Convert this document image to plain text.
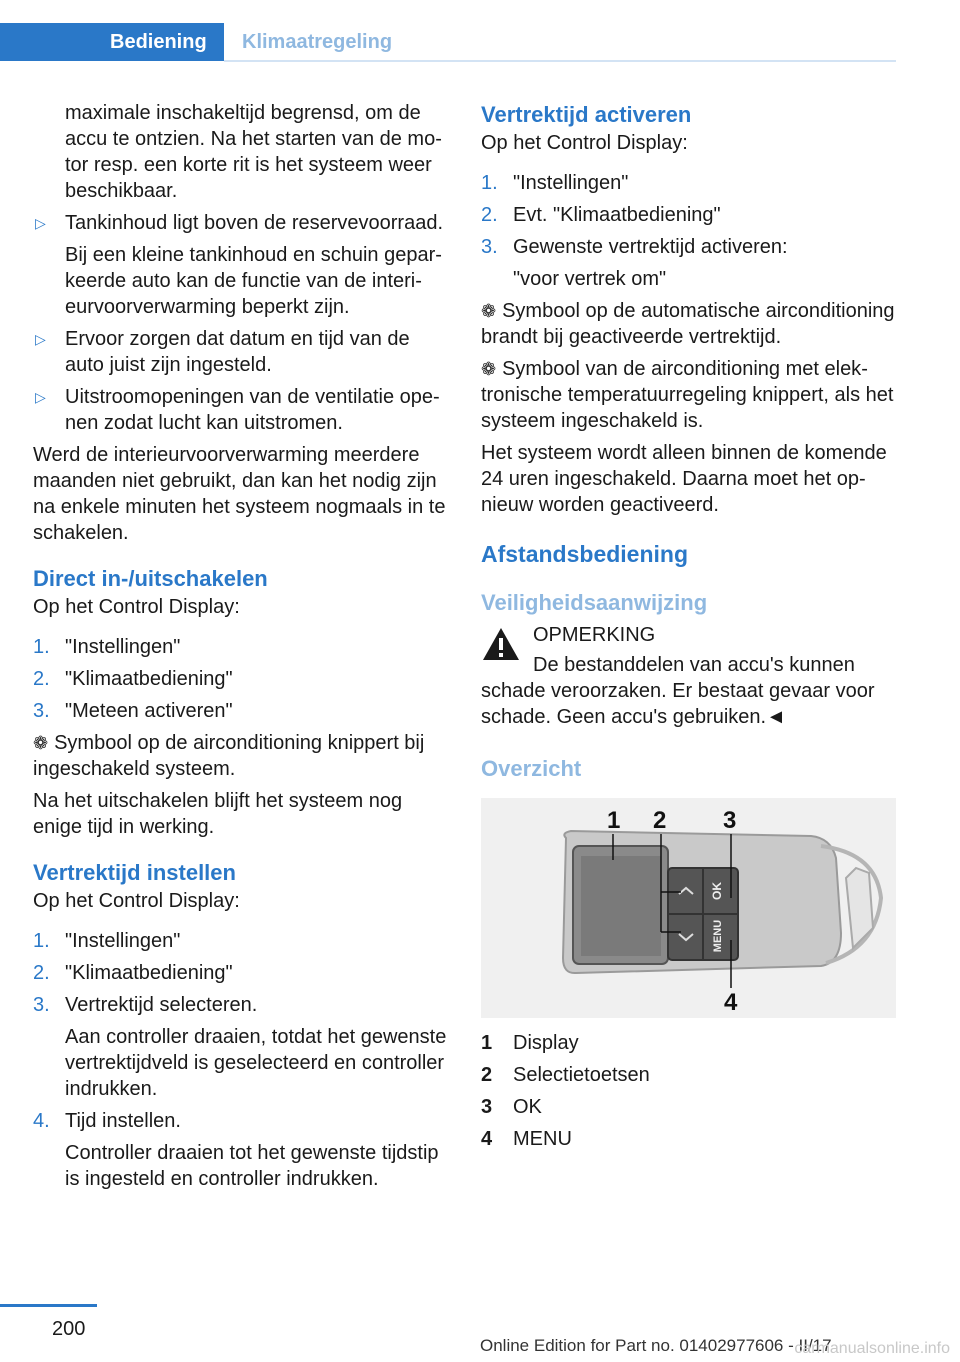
Bediening	Klimaatregeling

maximale inschakeltijd begrensd, om de accu te ontzien. Na het starten van de motor resp. een korte rit is het systeem weer beschikbaar.

▷ Tankinhoud ligt boven de reservevoorraad.

Bij een kleine tankinhoud en schuin geparkeerde auto kan de functie van de interieurvoorverwarming beperkt zijn.

▷ Ervoor zorgen dat datum en tijd van de auto juist zijn ingesteld.
▷ Uitstroomopeningen van de ventilatie openen zodat lucht kan uitstromen.

Werd de interieurvoorverwarming meerdere maanden niet gebruikt, dan kan het nodig zijn na enkele minuten het systeem nogmaals in te schakelen.

Direct in-/uitschakelen

Op het Control Display:

1. "Instellingen"
2. "Klimaatbediening"
3. "Meteen activeren"

❁ Symbool op de airconditioning knippert bij ingeschakeld systeem.

Na het uitschakelen blijft het systeem nog enige tijd in werking.

Vertrektijd instellen

Op het Control Display:

1. "Instellingen"
2. "Klimaatbediening"
3. Vertrektijd selecteren.

Aan controller draaien, totdat het gewenste vertrektijdveld is geselecteerd en controller indrukken.

4. Tijd instellen.

Controller draaien tot het gewenste tijdstip is ingesteld en controller indrukken.

Vertrektijd activeren

Op het Control Display:

1. "Instellingen"
2. Evt. "Klimaatbediening"
3. Gewenste vertrektijd activeren:

"voor vertrek om"

❁ Symbool op de automatische airconditioning brandt bij geactiveerde vertrektijd.

❁ Symbool van de airconditioning met elektronische temperatuurregeling knippert, als het systeem ingeschakeld is.

Het systeem wordt alleen binnen de komende 24 uren ingeschakeld. Daarna moet het opnieuw worden geactiveerd.

Afstandsbediening
Veiligheidsaanwijzing

OPMERKING

De bestanddelen van accu's kunnen schade veroorzaken. Er bestaat gevaar voor schade. Geen accu's gebruiken.◄

Overzicht
OK
MENU
1 2 3
4
1 Display
2 Selectietoetsen
3 OK
4 MENU
200
Online Edition for Part no. 01402977606 - II/17
carmanualsonline.info
